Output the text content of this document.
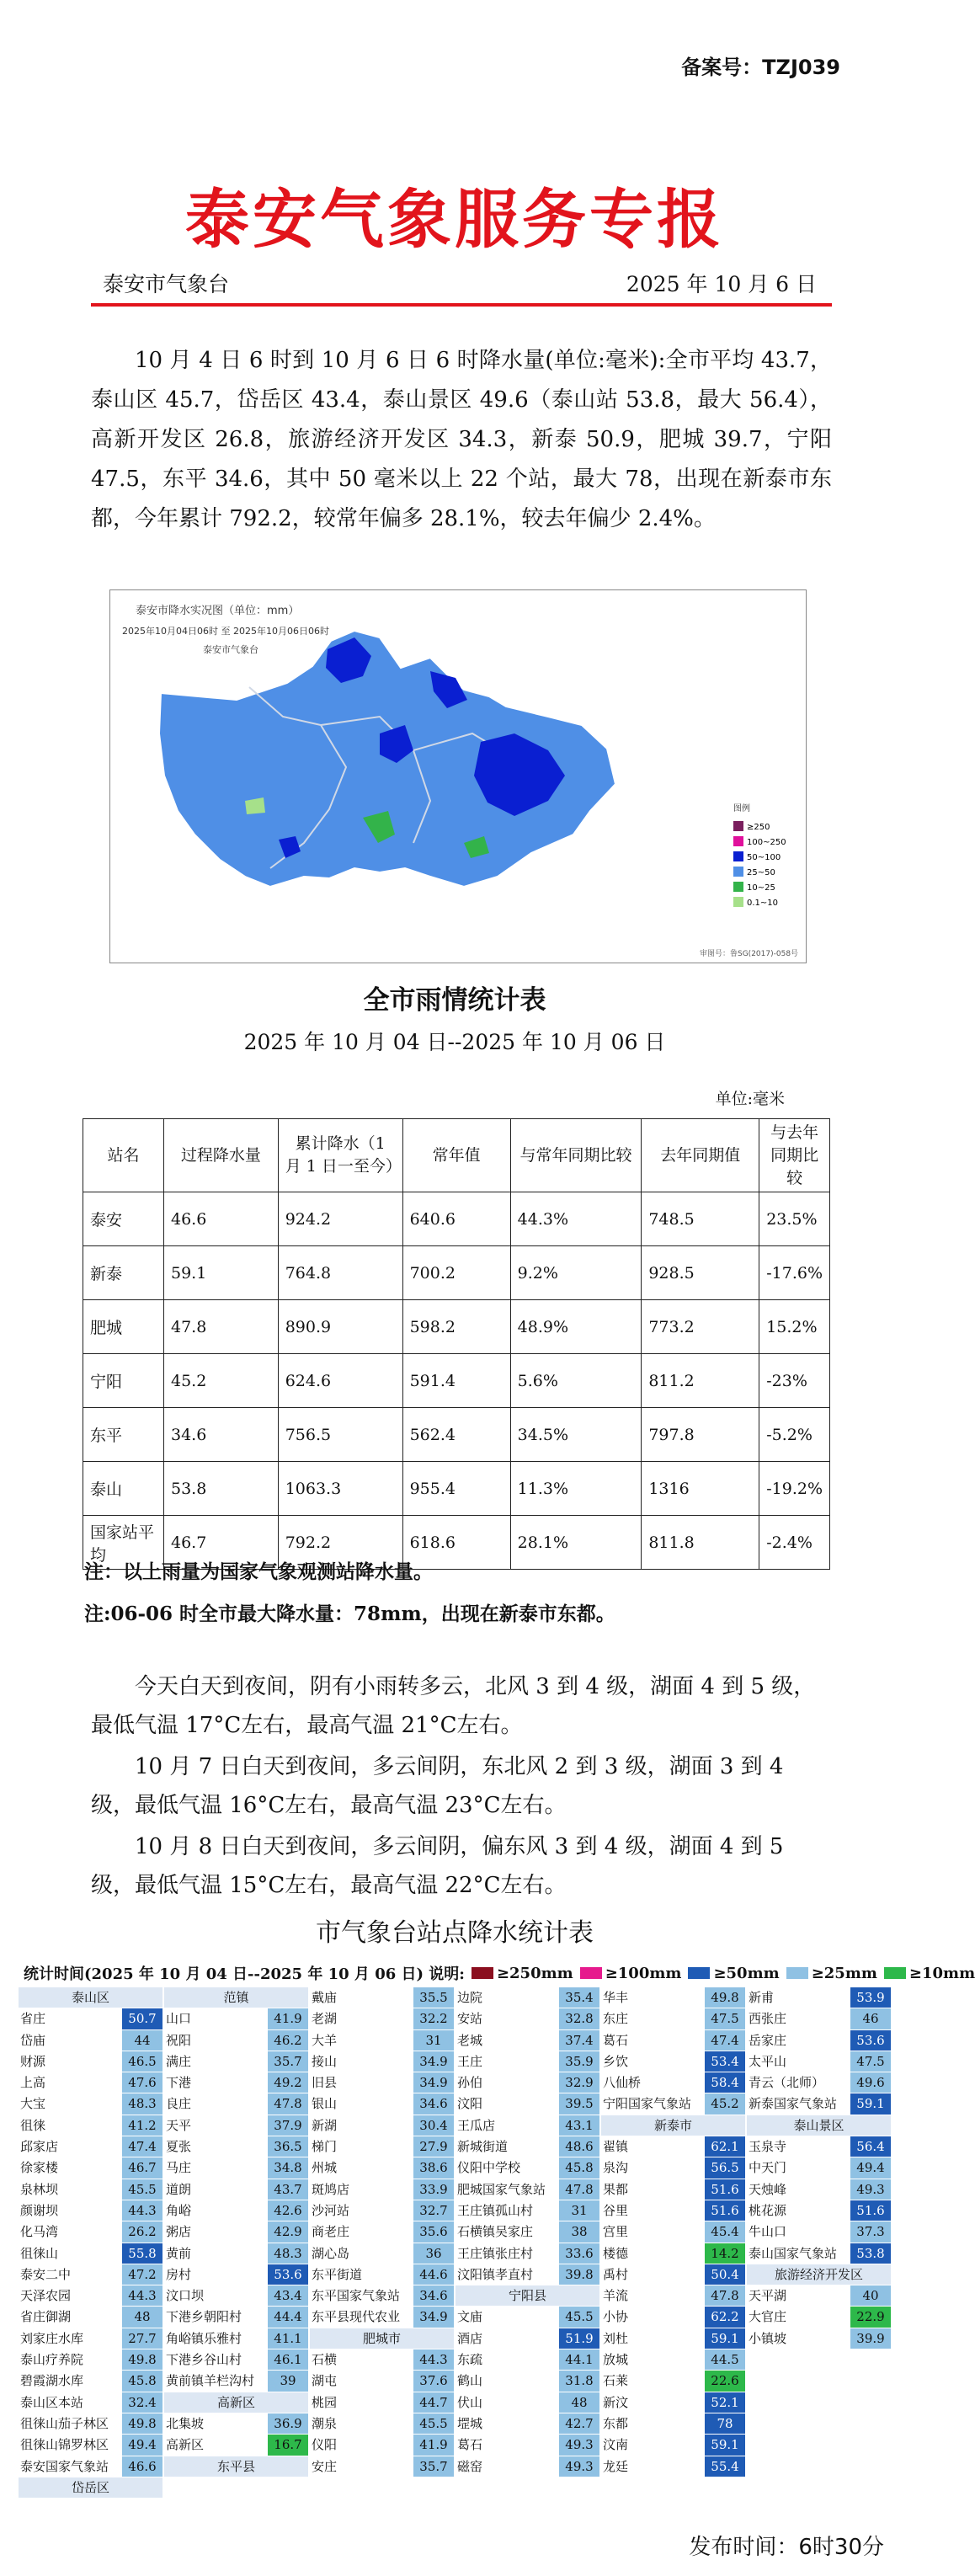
备案号：TZJ039
泰安气象服务专报
泰安市气象台	2025 年 10 月 6 日
10 月 4 日 6 时到 10 月 6 日 6 时降水量(单位:毫米):全市平均 43.7，泰山区 45.7，岱岳区 43.4，泰山景区 49.6（泰山站 53.8，最大 56.4），高新开发区 26.8，旅游经济开发区 34.3，新泰 50.9，肥城 39.7，宁阳 47.5，东平 34.6，其中 50 毫米以上 22 个站，最大 78，出现在新泰市东都，今年累计 792.2，较常年偏多 28.1%，较去年偏少 2.4%。
泰安市降水实况图（单位：mm）
2025年10月04日06时 至 2025年10月06日06时
泰安市气象台
图例
≥250
100~250
50~100
25~50
10~25
0.1~10
审图号：鲁SG(2017)-058号
全市雨情统计表
2025 年 10 月 04 日--2025 年 10 月 06 日
单位:毫米
站名	过程降水量	累计降水（1 月 1 日一至今）	常年值	与常年同期比较	去年同期值	与去年同期比较
泰安	46.6	924.2	640.6	44.3%	748.5	23.5%
新泰	59.1	764.8	700.2	9.2%	928.5	-17.6%
肥城	47.8	890.9	598.2	48.9%	773.2	15.2%
宁阳	45.2	624.6	591.4	5.6%	811.2	-23%
东平	34.6	756.5	562.4	34.5%	797.8	-5.2%
泰山	53.8	1063.3	955.4	11.3%	1316	-19.2%
国家站平均	46.7	792.2	618.6	28.1%	811.8	-2.4%
注：以上雨量为国家气象观测站降水量。
注:06-06 时全市最大降水量：78mm，出现在新泰市东都。
今天白天到夜间，阴有小雨转多云，北风 3 到 4 级，湖面 4 到 5 级，最低气温 17°C左右，最高气温 21°C左右。
10 月 7 日白天到夜间，多云间阴，东北风 2 到 3 级，湖面 3 到 4 级，最低气温 16°C左右，最高气温 23°C左右。
10 月 8 日白天到夜间，多云间阴，偏东风 3 到 4 级，湖面 4 到 5 级，最低气温 15°C左右，最高气温 22°C左右。
市气象台站点降水统计表
统计时间(2025 年 10 月 04 日--2025 年 10 月 06 日) 说明: ≥250mm ≥100mm ≥50mm ≥25mm ≥10mm
泰山区
省庄	50.7
岱庙	44
财源	46.5
上高	47.6
大宝	48.3
徂徕	41.2
邱家店	47.4
徐家楼	46.7
泉林坝	45.5
颜谢坝	44.3
化马湾	26.2
徂徕山	55.8
泰安二中	47.2
天泽农园	44.3
省庄御湖	48
刘家庄水库	27.7
泰山疗养院	49.8
碧霞湖水库	45.8
泰山区本站	32.4
徂徕山茄子林区	49.8
徂徕山锦罗林区	49.4
泰安国家气象站	46.6
岱岳区
范镇
山口	41.9
祝阳	46.2
满庄	35.7
下港	49.2
良庄	47.8
天平	37.9
夏张	36.5
马庄	34.8
道朗	43.7
角峪	42.6
粥店	42.9
黄前	48.3
房村	53.6
汶口坝	43.4
下港乡朝阳村	44.4
角峪镇乐雅村	41.1
下港乡谷山村	46.1
黄前镇羊栏沟村	39
高新区
北集坡	36.9
高新区	16.7
东平县
戴庙	35.5
老湖	32.2
大羊	31
接山	34.9
旧县	34.9
银山	34.6
新湖	30.4
梯门	27.9
州城	38.6
斑鸠店	33.9
沙河站	32.7
商老庄	35.6
湖心岛	36
东平街道	44.6
东平国家气象站	34.6
东平县现代农业	34.9
肥城市
石横	44.3
湖屯	37.6
桃园	44.7
潮泉	45.5
仪阳	41.9
安庄	35.7
边院	35.4
安站	32.8
老城	37.4
王庄	35.9
孙伯	32.9
汶阳	39.5
王瓜店	43.1
新城街道	48.6
仪阳中学校	45.8
肥城国家气象站	47.8
王庄镇孤山村	31
石横镇吴家庄	38
王庄镇张庄村	33.6
汶阳镇孝直村	39.8
宁阳县
文庙	45.5
酒店	51.9
东疏	44.1
鹤山	31.8
伏山	48
堽城	42.7
葛石	49.3
磁窑	49.3
华丰	49.8
东庄	47.5
葛石	47.4
乡饮	53.4
八仙桥	58.4
宁阳国家气象站	45.2
新泰市
翟镇	62.1
泉沟	56.5
果都	51.6
谷里	51.6
宫里	45.4
楼德	14.2
禹村	50.4
羊流	47.8
小协	62.2
刘杜	59.1
放城	44.5
石莱	22.6
新汶	52.1
东都	78
汶南	59.1
龙廷	55.4
新甫	53.9
西张庄	46
岳家庄	53.6
太平山	47.5
青云（北师）	49.6
新泰国家气象站	59.1
泰山景区
玉泉寺	56.4
中天门	49.4
天烛峰	49.3
桃花源	51.6
牛山口	37.3
泰山国家气象站	53.8
旅游经济开发区
天平湖	40
大官庄	22.9
小镇坡	39.9
发布时间：6时30分
